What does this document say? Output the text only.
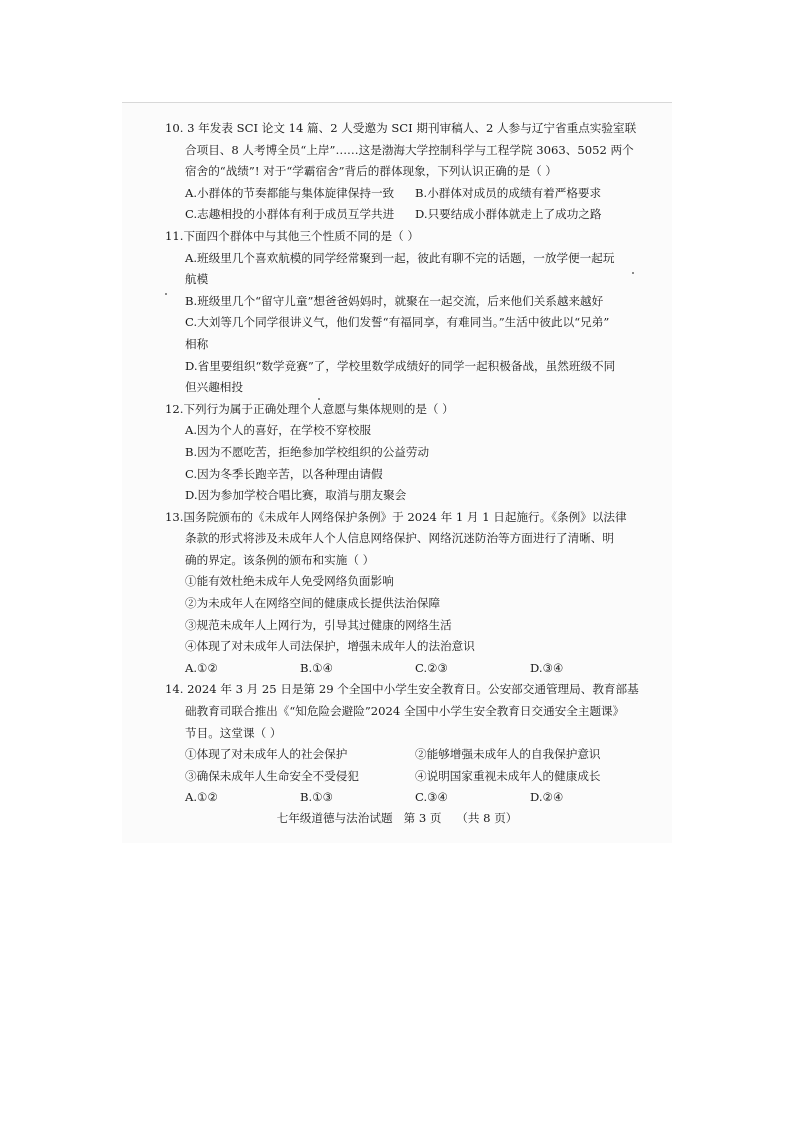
10. 3 年发表 SCI 论文 14 篇、2 人受邀为 SCI 期刊审稿人、2 人参与辽宁省重点实验室联
合项目、8 人考博全员“上岸”……这是渤海大学控制科学与工程学院 3063、5052 两个
宿舍的“战绩”! 对于“学霸宿舍”背后的群体现象，下列认识正确的是（ ）
A.小群体的节奏都能与集体旋律保持一致	B.小群体对成员的成绩有着严格要求
C.志趣相投的小群体有利于成员互学共进	D.只要结成小群体就走上了成功之路
11.下面四个群体中与其他三个性质不同的是（ ）
A.班级里几个喜欢航模的同学经常聚到一起，彼此有聊不完的话题，一放学便一起玩
航模
B.班级里几个“留守儿童”想爸爸妈妈时，就聚在一起交流，后来他们关系越来越好
C.大刘等几个同学很讲义气，他们发誓“有福同享，有难同当。”生活中彼此以“兄弟”
相称
D.省里要组织“数学竞赛”了，学校里数学成绩好的同学一起积极备战，虽然班级不同
但兴趣相投
12.下列行为属于正确处理个人意愿与集体规则的是（ ）
A.因为个人的喜好，在学校不穿校服
B.因为不愿吃苦，拒绝参加学校组织的公益劳动
C.因为冬季长跑辛苦，以各种理由请假
D.因为参加学校合唱比赛，取消与朋友聚会
13.国务院颁布的《未成年人网络保护条例》于 2024 年 1 月 1 日起施行。《条例》以法律
条款的形式将涉及未成年人个人信息网络保护、网络沉迷防治等方面进行了清晰、明
确的界定。该条例的颁布和实施（ ）
①能有效杜绝未成年人免受网络负面影响
②为未成年人在网络空间的健康成长提供法治保障
③规范未成年人上网行为，引导其过健康的网络生活
④体现了对未成年人司法保护，增强未成年人的法治意识
A.①②	B.①④	C.②③	D.③④
14. 2024 年 3 月 25 日是第 29 个全国中小学生安全教育日。公安部交通管理局、教育部基
础教育司联合推出《“知危险会避险”2024 全国中小学生安全教育日交通安全主题课》
节目。这堂课（ ）
①体现了对未成年人的社会保护	②能够增强未成年人的自我保护意识
③确保未成年人生命安全不受侵犯	④说明国家重视未成年人的健康成长
A.①②	B.①③	C.③④	D.②④
七年级道德与法治试题   第 3 页    （共 8 页）
